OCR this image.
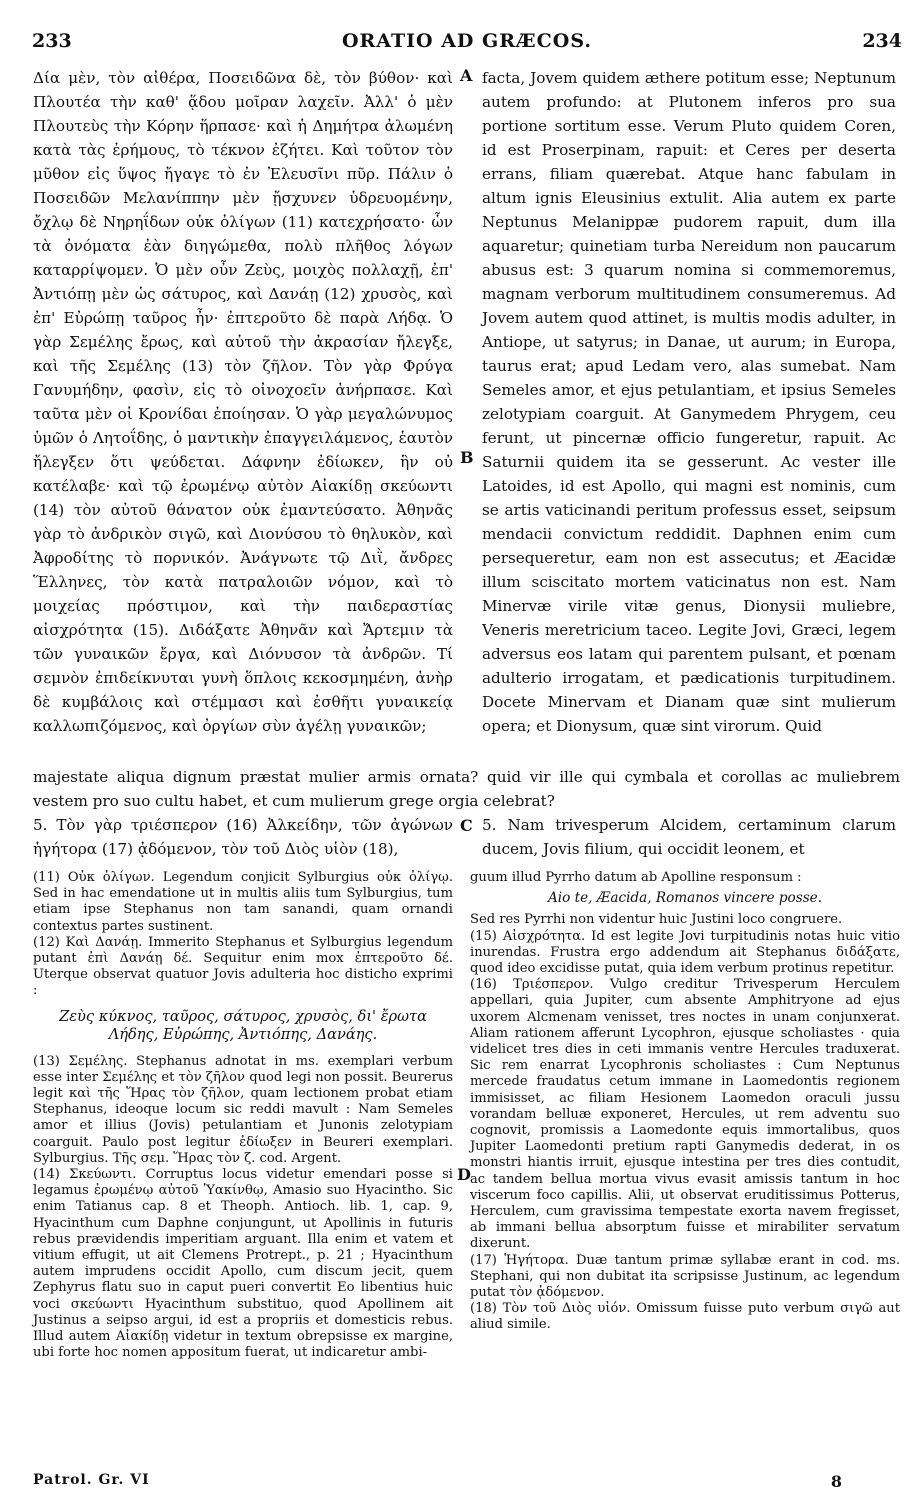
233	ORATIO AD GRÆCOS.	234
Δία μὲν, τὸν αἰθέρα, Ποσειδῶνα δὲ, τὸν βύθον· καὶ Πλουτέα τὴν καθ' ᾅδου μοῖραν λαχεῖν. Ἀλλ' ὁ μὲν Πλουτεὺς τὴν Κόρην ἥρπασε· καὶ ἡ Δημήτρα ἀλωμένη κατὰ τὰς ἐρήμους, τὸ τέκνον ἐζήτει. Καὶ τοῦτον τὸν μῦθον εἰς ὕψος ἤγαγε τὸ ἐν Ἐλευσῖνι πῦρ. Πάλιν ὁ Ποσειδῶν Μελανίππην μὲν ᾔσχυνεν ὑδρευομένην, ὄχλῳ δὲ Νηρηΐδων οὐκ ὀλίγων (11) κατεχρήσατο· ὧν τὰ ὀνόματα ἐὰν διηγώμεθα, πολὺ πλῆθος λόγων καταρρίψομεν. Ὁ μὲν οὖν Ζεὺς, μοιχὸς πολλαχῇ, ἐπ' Ἀντιόπῃ μὲν ὡς σάτυρος, καὶ Δανάῃ (12) χρυσὸς, καὶ ἐπ' Εὐρώπῃ ταῦρος ἦν· ἐπτεροῦτο δὲ παρὰ Λήδᾳ. Ὁ γὰρ Σεμέλης ἔρως, καὶ αὐτοῦ τὴν ἀκρασίαν ἤλεγξε, καὶ τῆς Σεμέλης (13) τὸν ζῆλον. Τὸν γὰρ Φρύγα Γανυμήδην, φασὶν, εἰς τὸ οἰνοχοεῖν ἀνήρπασε. Καὶ ταῦτα μὲν οἱ Κρονίδαι ἐποίησαν. Ὁ γὰρ μεγαλώνυμος ὑμῶν ὁ Λητοΐδης, ὁ μαντικὴν ἐπαγγειλάμενος, ἑαυτὸν ἤλεγξεν ὅτι ψεύδεται. Δάφνην ἐδίωκεν, ἣν οὐ κατέλαβε· καὶ τῷ ἐρωμένῳ αὐτὸν Αἰακίδῃ σκεύωντι (14) τὸν αὐτοῦ θάνατον οὐκ ἐμαντεύσατο. Ἀθηνᾶς γὰρ τὸ ἀνδρικὸν σιγῶ, καὶ Διονύσου τὸ θηλυκὸν, καὶ Ἀφροδίτης τὸ πορνικόν. Ἀνάγνωτε τῷ Διῒ, ἄνδρες Ἕλληνες, τὸν κατὰ πατραλοιῶν νόμον, καὶ τὸ μοιχείας πρόστιμον, καὶ τὴν παιδεραστίας αἰσχρότητα (15). Διδάξατε Ἀθηνᾶν καὶ Ἄρτεμιν τὰ τῶν γυναικῶν ἔργα, καὶ Διόνυσον τὰ ἀνδρῶν. Τί σεμνὸν ἐπιδείκνυται γυνὴ ὅπλοις κεκοσμημένη, ἀνὴρ δὲ κυμβάλοις καὶ στέμμασι καὶ ἐσθῆτι γυναικείᾳ καλλωπιζόμενος, καὶ ὀργίων σὺν ἀγέλῃ γυναικῶν;
A
B
C
D
facta, Jovem quidem æthere potitum esse; Neptunum autem profundo: at Plutonem inferos pro sua portione sortitum esse. Verum Pluto quidem Coren, id est Proserpinam, rapuit: et Ceres per deserta errans, filiam quærebat. Atque hanc fabulam in altum ignis Eleusinius extulit. Alia autem ex parte Neptunus Melanippæ pudorem rapuit, dum illa aquaretur; quinetiam turba Nereidum non paucarum abusus est: 3 quarum nomina si commemoremus, magnam verborum multitudinem consumeremus. Ad Jovem autem quod attinet, is multis modis adulter, in Antiope, ut satyrus; in Danae, ut aurum; in Europa, taurus erat; apud Ledam vero, alas sumebat. Nam Semeles amor, et ejus petulantiam, et ipsius Semeles zelotypiam coarguit. At Ganymedem Phrygem, ceu ferunt, ut pincernæ officio fungeretur, rapuit. Ac Saturnii quidem ita se gesserunt. Ac vester ille Latoides, id est Apollo, qui magni est nominis, cum se artis vaticinandi peritum professus esset, seipsum mendacii convictum reddidit. Daphnen enim cum persequeretur, eam non est assecutus; et Æacidæ illum sciscitato mortem vaticinatus non est. Nam Minervæ virile vitæ genus, Dionysii muliebre, Veneris meretricium taceo. Legite Jovi, Græci, legem adversus eos latam qui parentem pulsant, et pœnam adulterio irrogatam, et pædicationis turpitudinem. Docete Minervam et Dianam quæ sint mulierum opera; et Dionysum, quæ sint virorum. Quid
majestate aliqua dignum præstat mulier armis ornata? quid vir ille qui cymbala et corollas ac muliebrem vestem pro suo cultu habet, et cum mulierum grege orgia celebrat?
5. Τὸν γὰρ τριέσπερον (16) Ἀλκείδην, τῶν ἀγώνων ἡγήτορα (17) ᾀδόμενον, τὸν τοῦ Διὸς υἱὸν (18),
5. Nam trivesperum Alcidem, certaminum clarum ducem, Jovis filium, qui occidit leonem, et

(11) Οὐκ ὀλίγων. Legendum conjicit Sylburgius οὐκ ὀλίγῳ. Sed in hac emendatione ut in multis aliis tum Sylburgius, tum etiam ipse Stephanus non tam sanandi, quam ornandi contextus partes sustinent.

(12) Καὶ Δανάῃ. Immerito Stephanus et Sylburgius legendum putant ἐπὶ Δανάῃ δέ. Sequitur enim mox ἐπτεροῦτο δέ. Uterque observat quatuor Jovis adulteria hoc disticho exprimi :

Ζεὺς κύκνος, ταῦρος, σάτυρος, χρυσὸς, δι' ἔρωτα
Λήδης, Εὐρώπης, Ἀντιόπης, Δανάης.

(13) Σεμέλης. Stephanus adnotat in ms. exemplari verbum esse inter Σεμέλης et τὸν ζῆλον quod legi non possit. Beurerus legit καὶ τῆς Ἥρας τὸν ζῆλον, quam lectionem probat etiam Stephanus, ideoque locum sic reddi mavult : Nam Semeles amor et illius (Jovis) petulantiam et Junonis zelotypiam coarguit. Paulo post legitur ἐδίωξεν in Beureri exemplari. Sylburgius. Τῆς σεμ. Ἥρας τὸν ζ. cod. Argent.

(14) Σκεύωντι. Corruptus locus videtur emendari posse si legamus ἐρωμένῳ αὐτοῦ Ὑακίνθῳ, Amasio suo Hyacintho. Sic enim Tatianus cap. 8 et Theoph. Antioch. lib. 1, cap. 9, Hyacinthum cum Daphne conjungunt, ut Apollinis in futuris rebus prævidendis imperitiam arguant. Illa enim et vatem et vitium effugit, ut ait Clemens Protrept., p. 21 ; Hyacinthum autem imprudens occidit Apollo, cum discum jecit, quem Zephyrus flatu suo in caput pueri convertit Eo libentius huic voci σκεύωντι Hyacinthum substituo, quod Apollinem ait Justinus a seipso argui, id est a propriis et domesticis rebus. Illud autem Αἰακίδῃ videtur in textum obrepsisse ex margine, ubi forte hoc nomen appositum fuerat, ut indicaretur ambi-

guum illud Pyrrho datum ab Apolline responsum :

Aio te, Æacida, Romanos vincere posse.

Sed res Pyrrhi non videntur huic Justini loco congruere.

(15) Αἰσχρότητα. Id est legite Jovi turpitudinis notas huic vitio inurendas. Frustra ergo addendum ait Stephanus διδάξατε, quod ideo excidisse putat, quia idem verbum protinus repetitur.

(16) Τριέσπερον. Vulgo creditur Trivesperum Herculem appellari, quia Jupiter, cum absente Amphitryone ad ejus uxorem Alcmenam venisset, tres noctes in unam conjunxerat. Aliam rationem afferunt Lycophron, ejusque scholiastes · quia videlicet tres dies in ceti immanis ventre Hercules traduxerat. Sic rem enarrat Lycophronis scholiastes : Cum Neptunus mercede fraudatus cetum immane in Laomedontis regionem immisisset, ac filiam Hesionem Laomedon oraculi jussu vorandam belluæ exponeret, Hercules, ut rem adventu suo cognovit, promissis a Laomedonte equis immortalibus, quos Jupiter Laomedonti pretium rapti Ganymedis dederat, in os monstri hiantis irruit, ejusque intestina per tres dies contudit, ac tandem bellua mortua vivus evasit amissis tantum in hoc viscerum foco capillis. Alii, ut observat eruditissimus Potterus, Herculem, cum gravissima tempestate exorta navem fregisset, ab immani bellua absorptum fuisse et mirabiliter servatum dixerunt.

(17) Ἡγήτορα. Duæ tantum primæ syllabæ erant in cod. ms. Stephani, qui non dubitat ita scripsisse Justinum, ac legendum putat τὸν ᾀδόμενον.

(18) Τὸν τοῦ Διὸς υἱόν. Omissum fuisse puto verbum σιγῶ aut aliud simile.

Patrol. Gr. VI	8
